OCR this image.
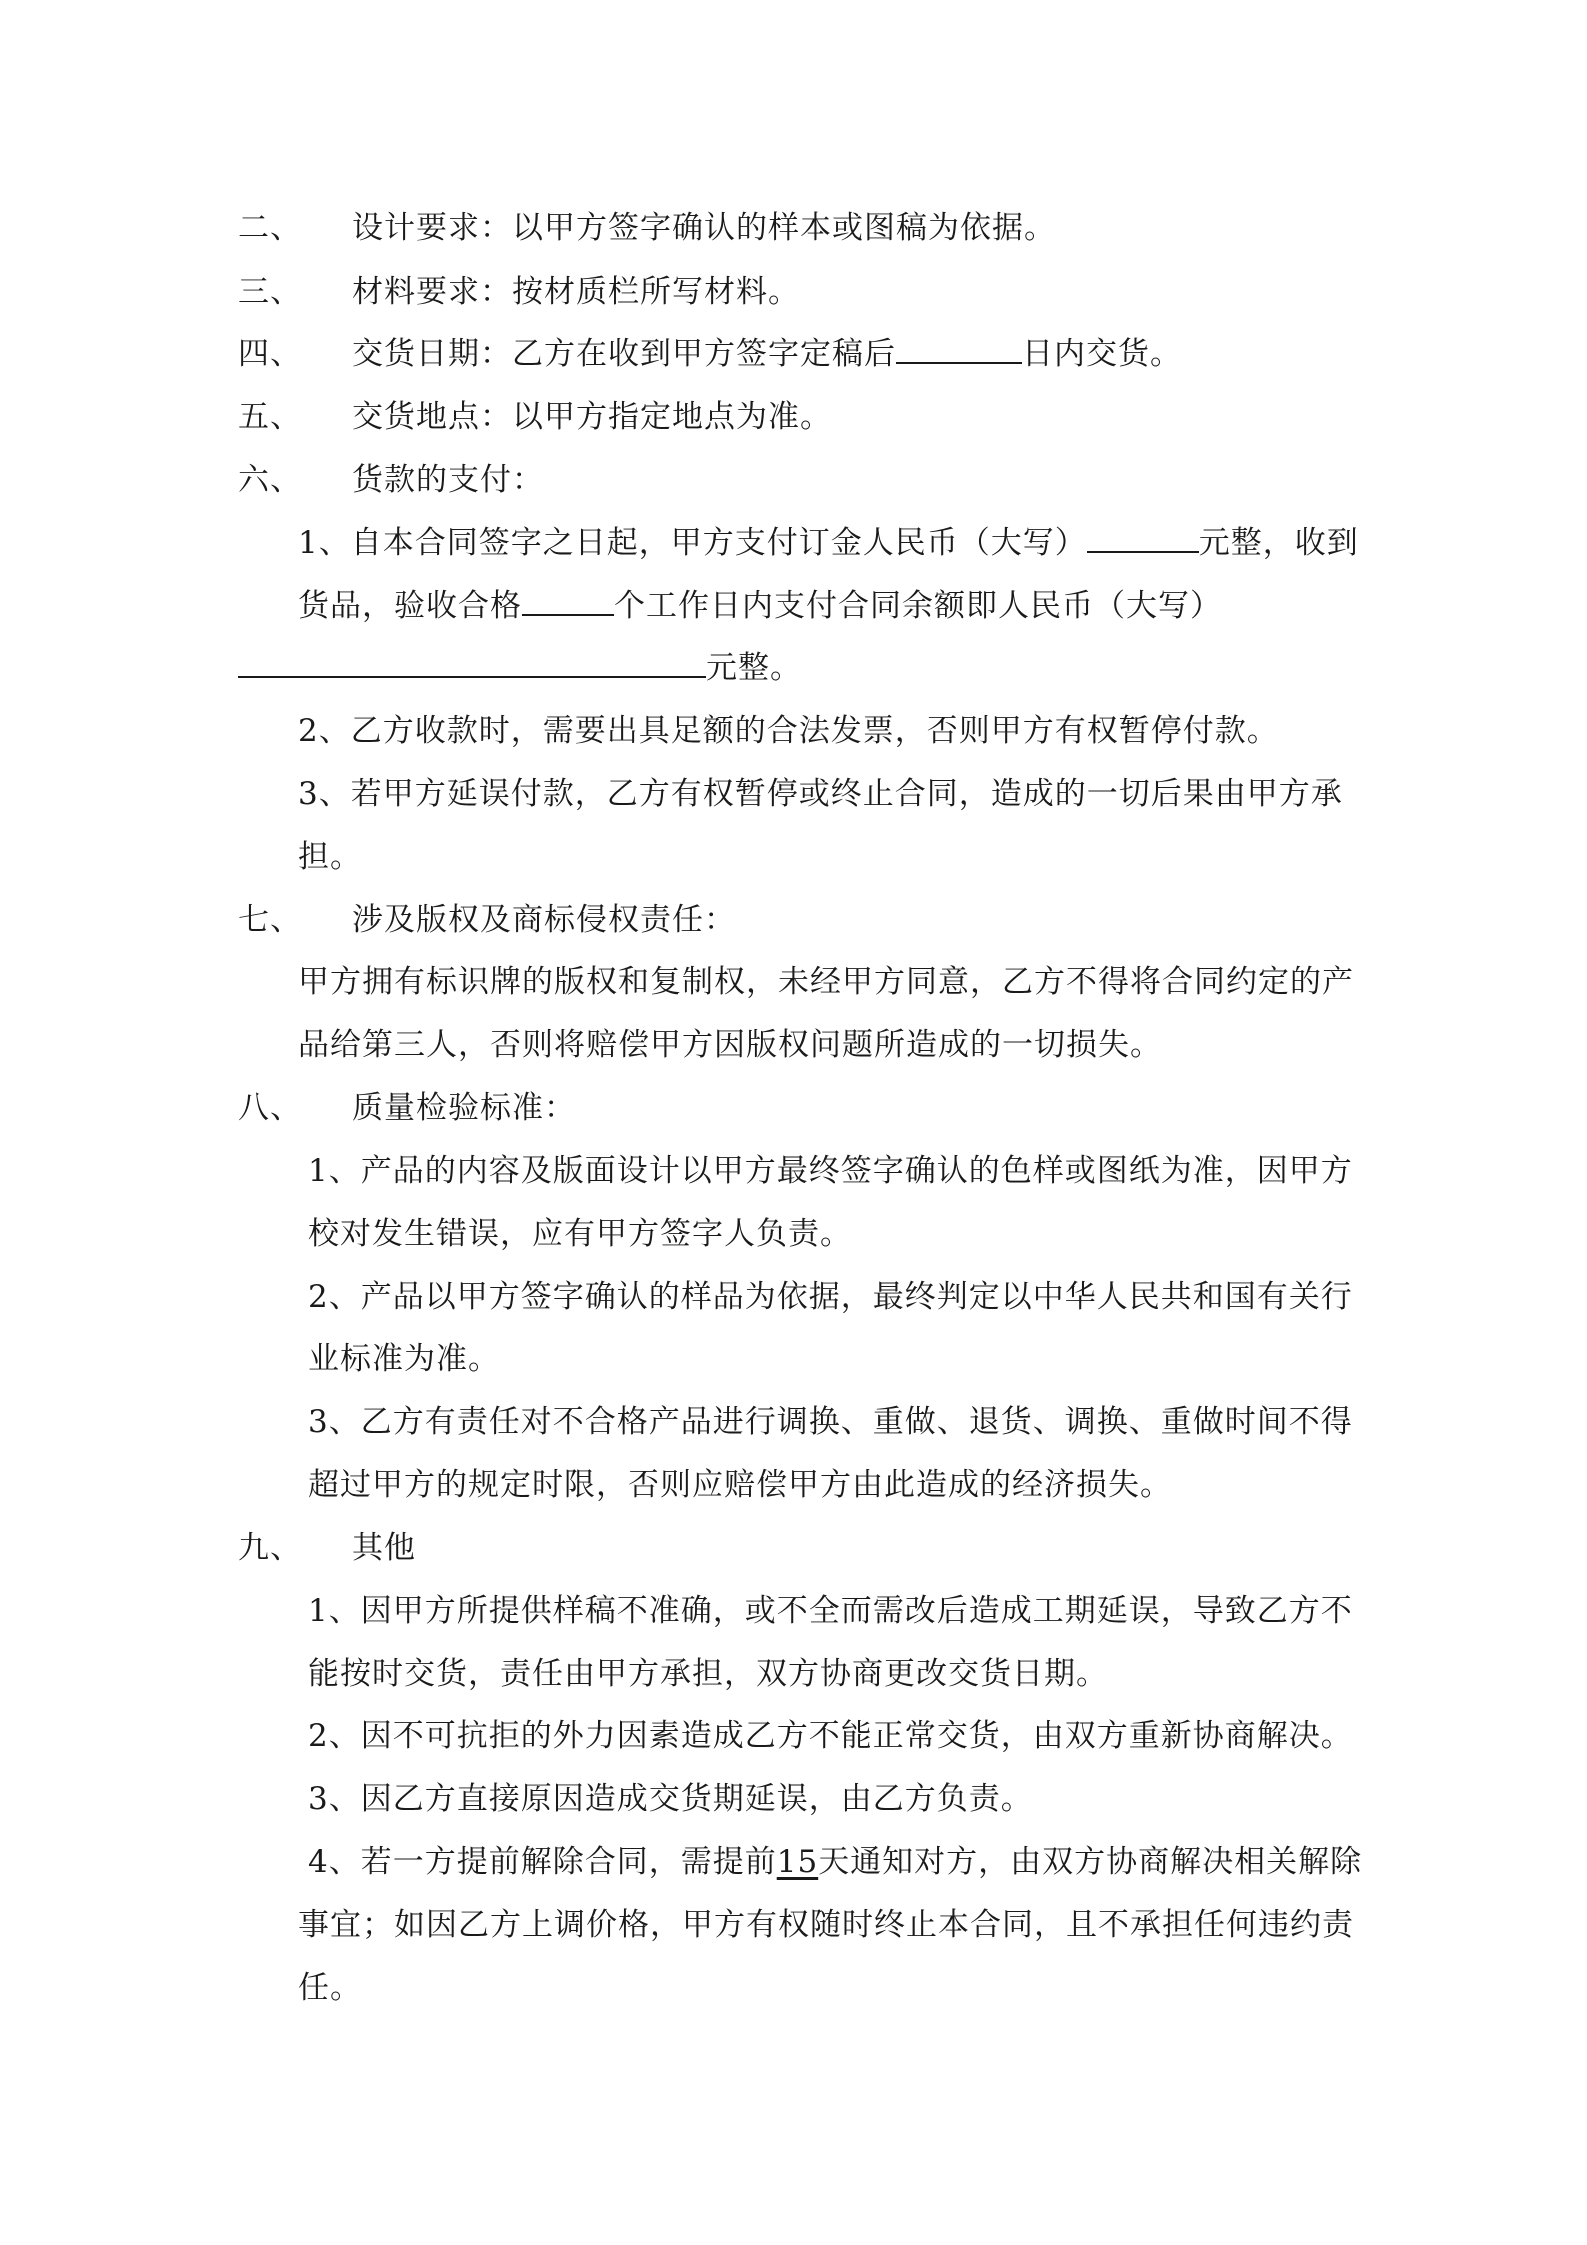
二、 设计要求：以甲方签字确认的样本或图稿为依据。
三、 材料要求：按材质栏所写材料。
四、 交货日期：乙方在收到甲方签字定稿后	日内交货。
五、 交货地点：以甲方指定地点为准。
六、 货款的支付：
1、自本合同签字之日起，甲方支付订金人民币（大写）	元整，收到
货品，验收合格	个工作日内支付合同余额即人民币（大写）
元整。
2、乙方收款时，需要出具足额的合法发票，否则甲方有权暂停付款。
3、若甲方延误付款，乙方有权暂停或终止合同，造成的一切后果由甲方承
担。
七、 涉及版权及商标侵权责任：
甲方拥有标识牌的版权和复制权，未经甲方同意，乙方不得将合同约定的产
品给第三人，否则将赔偿甲方因版权问题所造成的一切损失。
八、 质量检验标准：
1、产品的内容及版面设计以甲方最终签字确认的色样或图纸为准，因甲方
校对发生错误，应有甲方签字人负责。
2、产品以甲方签字确认的样品为依据，最终判定以中华人民共和国有关行
业标准为准。
3、乙方有责任对不合格产品进行调换、重做、退货、调换、重做时间不得
超过甲方的规定时限，否则应赔偿甲方由此造成的经济损失。
九、 其他
1、因甲方所提供样稿不准确，或不全而需改后造成工期延误，导致乙方不
能按时交货，责任由甲方承担，双方协商更改交货日期。
2、因不可抗拒的外力因素造成乙方不能正常交货，由双方重新协商解决。
3、因乙方直接原因造成交货期延误，由乙方负责。
4、若一方提前解除合同，需提前15天通知对方，由双方协商解决相关解除
事宜；如因乙方上调价格，甲方有权随时终止本合同，且不承担任何违约责
任。
